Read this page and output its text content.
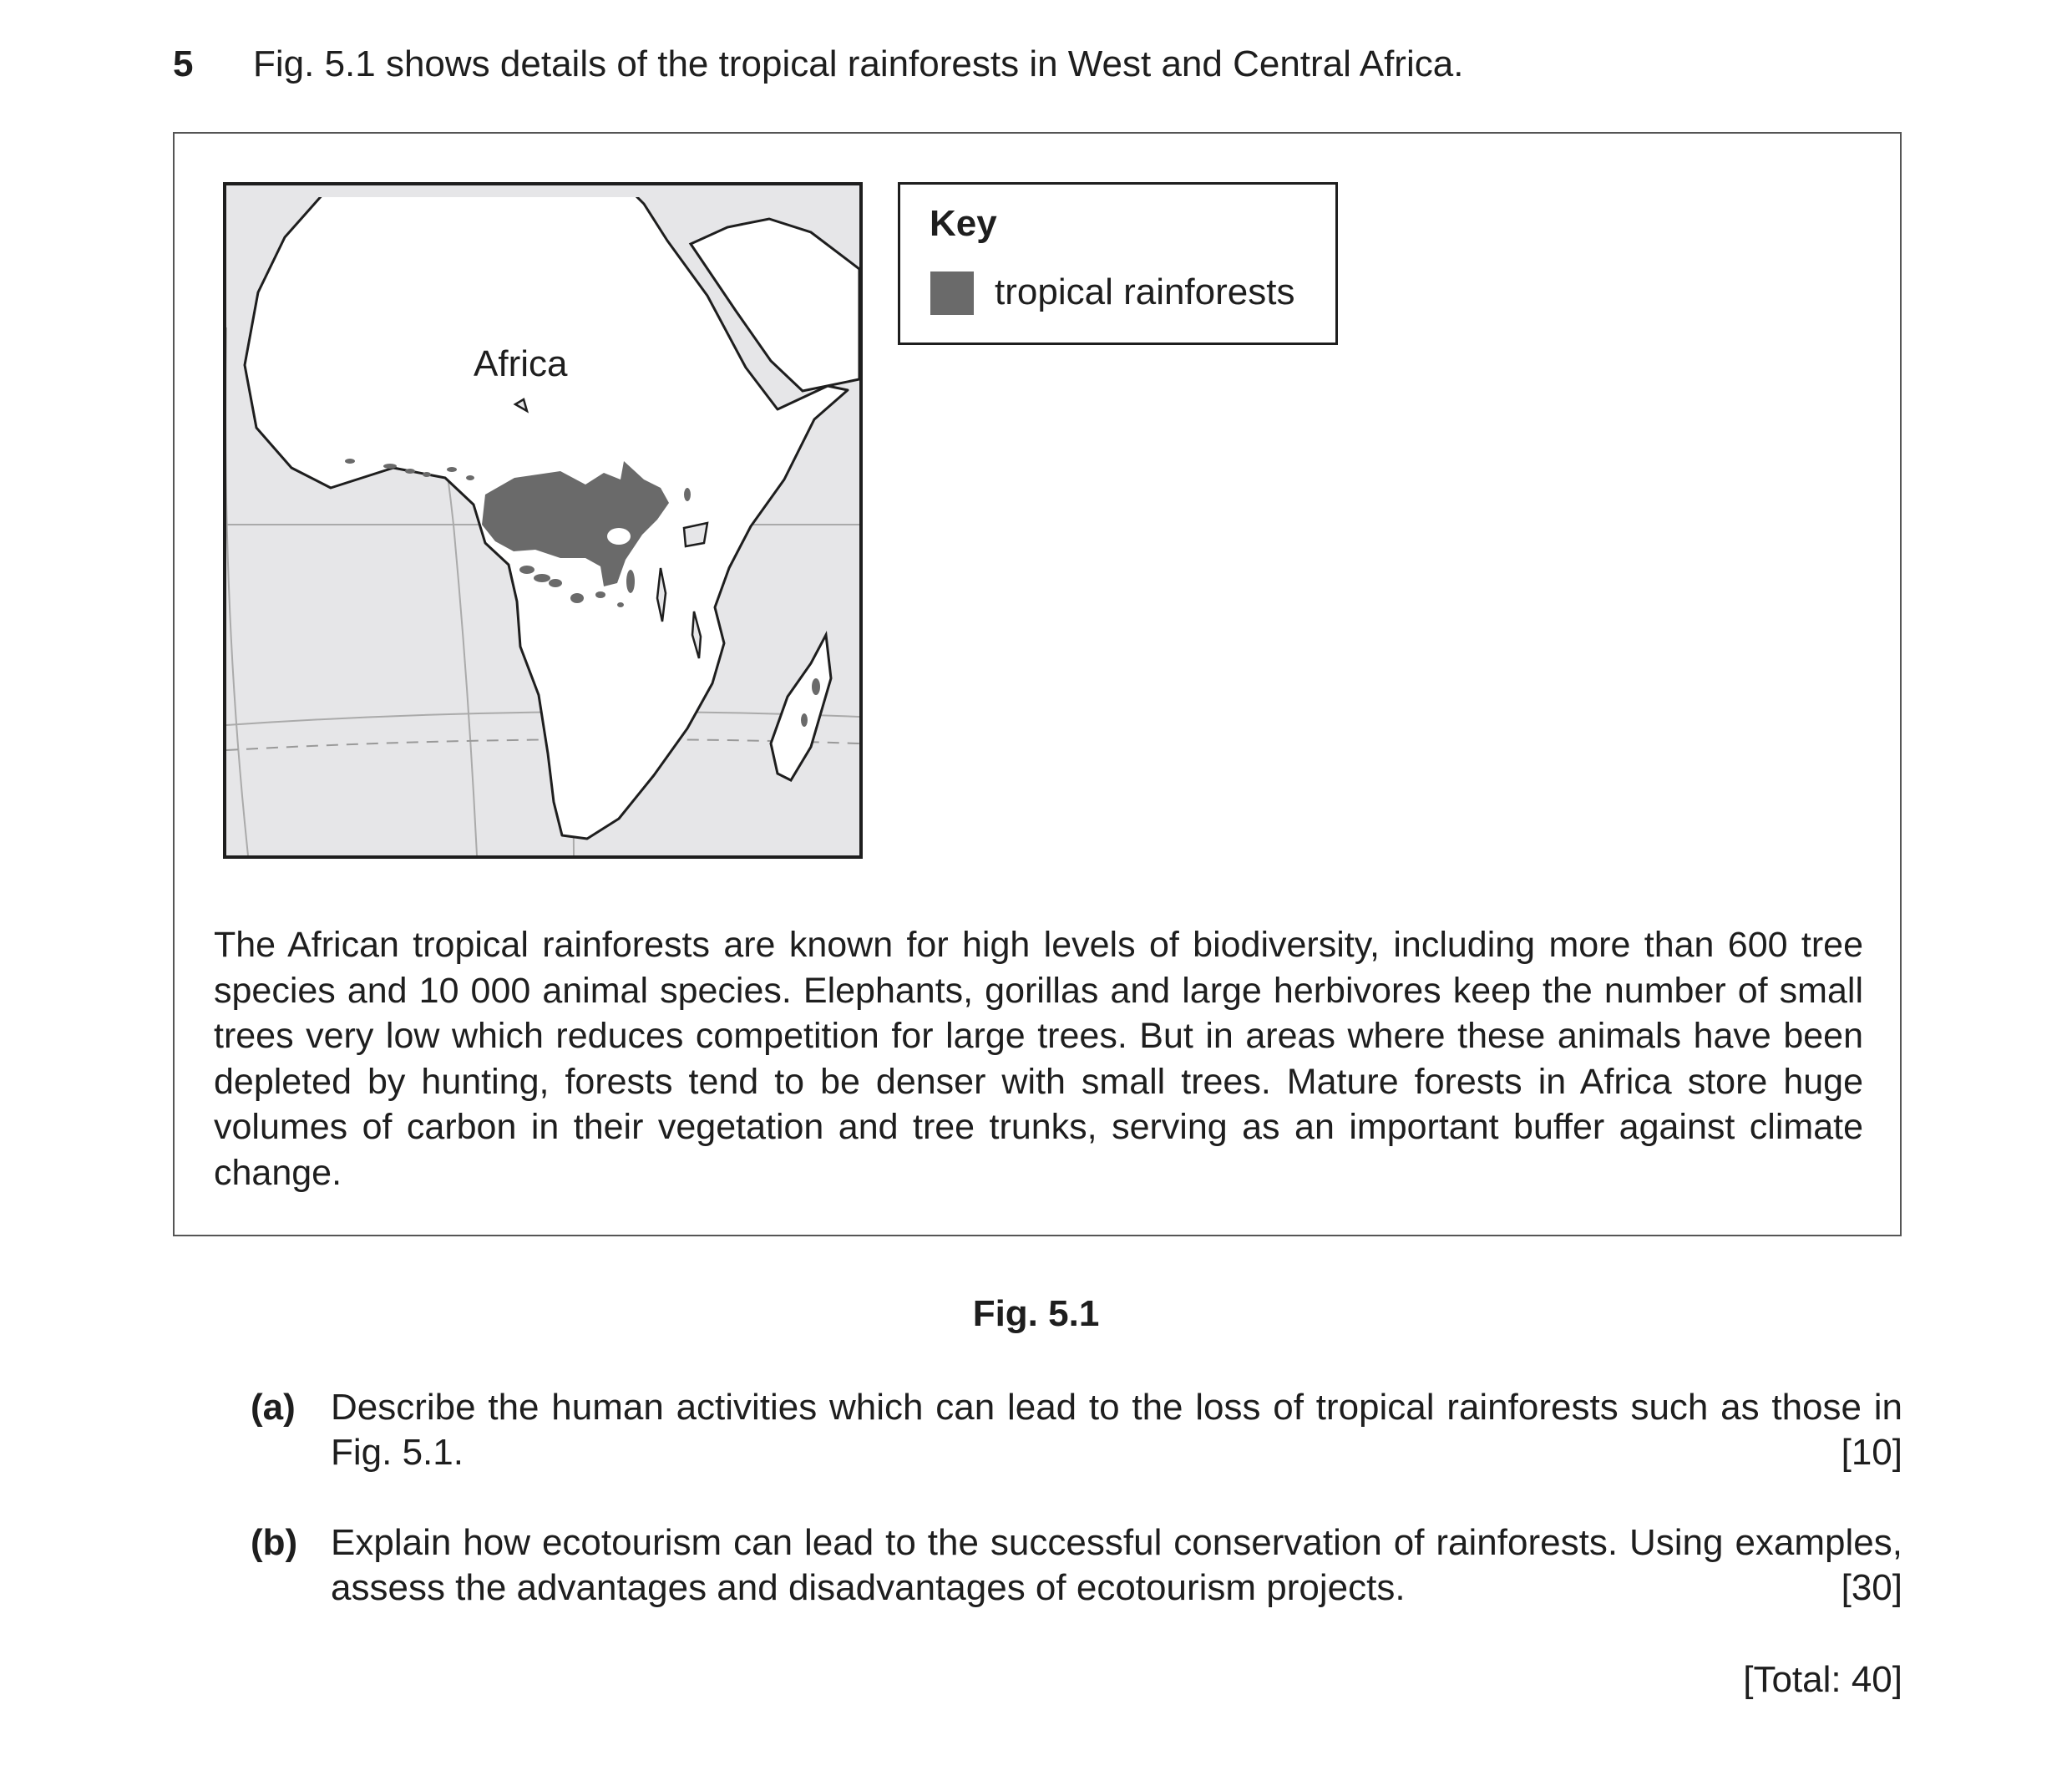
5 Fig. 5.1 shows details of the tropical rainforests in West and Central Africa.
Africa
Key
tropical rainforests

The African tropical rainforests are known for high levels of biodiversity, including more than 600 tree species and 10 000 animal species. Elephants, gorillas and large herbivores keep the number of small trees very low which reduces competition for large trees. But in areas where these animals have been depleted by hunting, forests tend to be denser with small trees. Mature forests in Africa store huge volumes of carbon in their vegetation and tree trunks, serving as an important buffer against climate change.

Fig. 5.1
(a) Describe the human activities which can lead to the loss of tropical rainforests such as those in Fig. 5.1.	[10]
(b) Explain how ecotourism can lead to the successful conservation of rainforests. Using examples, assess the advantages and disadvantages of ecotourism projects.	[30]
[Total: 40]
